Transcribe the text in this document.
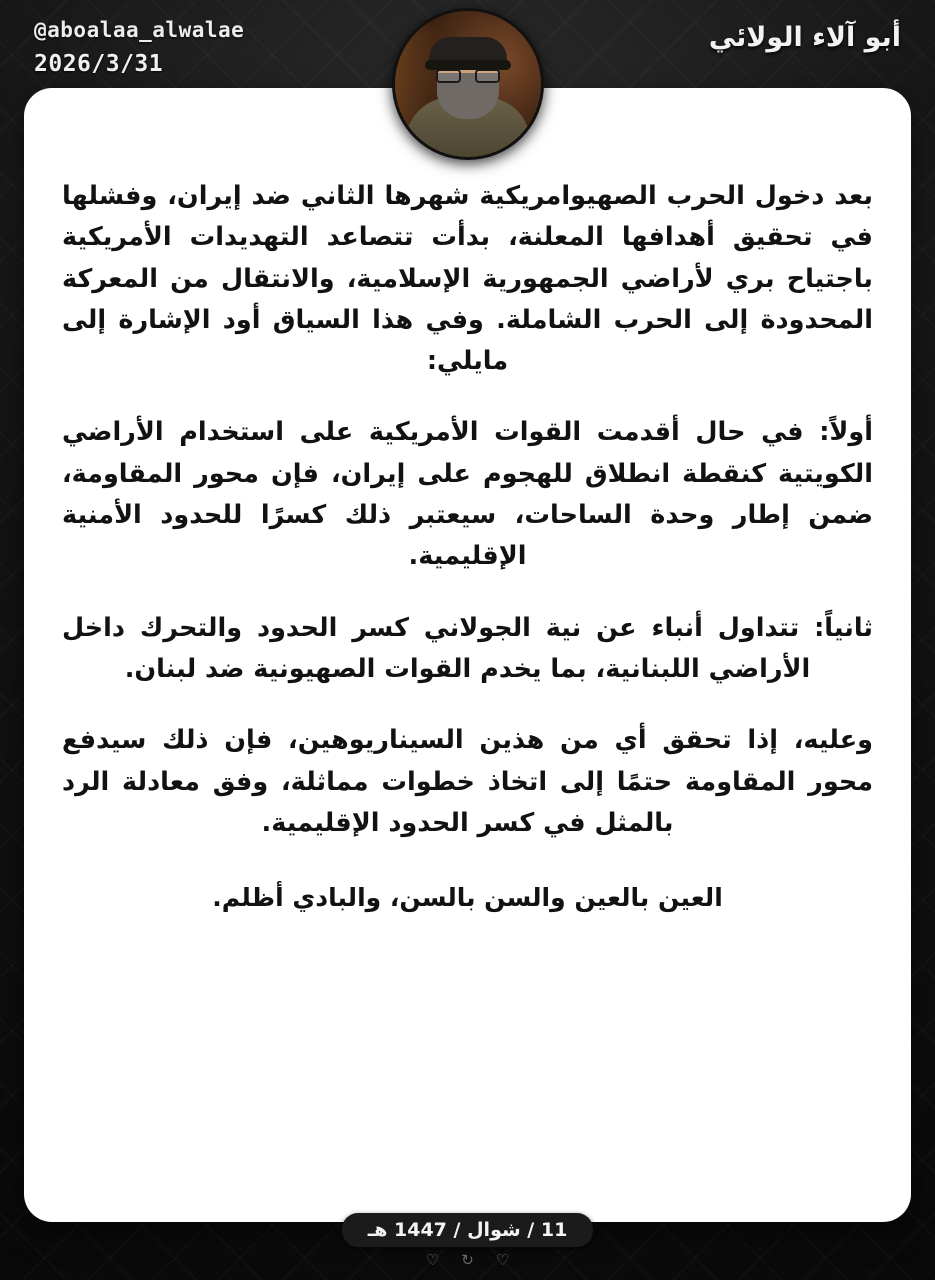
أبو آلاء الولائي
@aboalaa_alwalae
2026/3/31

بعد دخول الحرب الصهيوامريكية شهرها الثاني ضد إيران، وفشلها في تحقيق أهدافها المعلنة، بدأت تتصاعد التهديدات الأمريكية باجتياح بري لأراضي الجمهورية الإسلامية، والانتقال من المعركة المحدودة إلى الحرب الشاملة. وفي هذا السياق أود الإشارة إلى مايلي:

أولاً: في حال أقدمت القوات الأمريكية على استخدام الأراضي الكويتية كنقطة انطلاق للهجوم على إيران، فإن محور المقاومة، ضمن إطار وحدة الساحات، سيعتبر ذلك كسرًا للحدود الأمنية الإقليمية.

ثانياً: تتداول أنباء عن نية الجولاني كسر الحدود والتحرك داخل الأراضي اللبنانية، بما يخدم القوات الصهيونية ضد لبنان.

وعليه، إذا تحقق أي من هذين السيناريوهين، فإن ذلك سيدفع محور المقاومة حتمًا إلى اتخاذ خطوات مماثلة، وفق معادلة الرد بالمثل في كسر الحدود الإقليمية.

العين بالعين والسن بالسن، والبادي أظلم.

11 / شوال / 1447 هـ
♡
↻
♡
